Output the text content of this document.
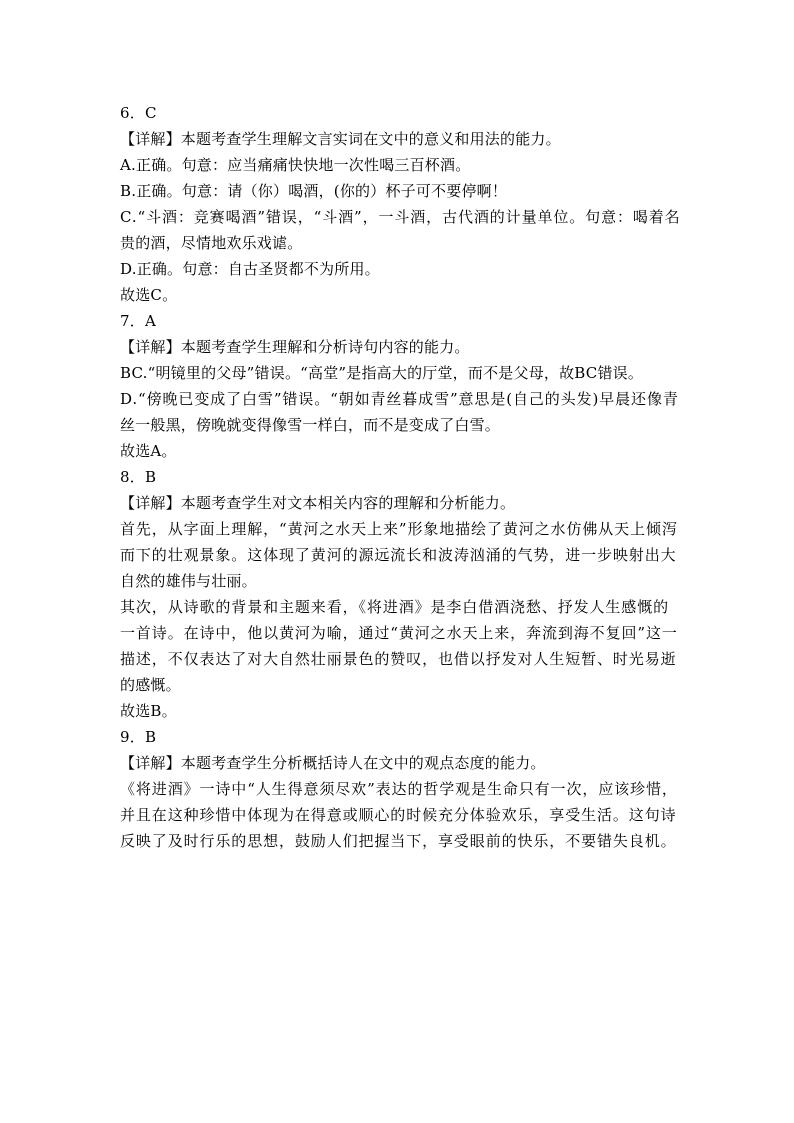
6．C
【详解】本题考查学生理解文言实词在文中的意义和用法的能力。
A.正确。句意：应当痛痛快快地一次性喝三百杯酒。
B.正确。句意：请（你）喝酒，(你的）杯子可不要停啊！
C.“斗酒：竞赛喝酒”错误，“斗酒”，一斗酒，古代酒的计量单位。句意：喝着名
贵的酒，尽情地欢乐戏谑。
D.正确。句意：自古圣贤都不为所用。
故选C。
7．A
【详解】本题考查学生理解和分析诗句内容的能力。
BC.“明镜里的父母”错误。“高堂”是指高大的厅堂，而不是父母，故BC错误。
D.“傍晚已变成了白雪”错误。“朝如青丝暮成雪”意思是(自己的头发)早晨还像青
丝一般黑，傍晚就变得像雪一样白，而不是变成了白雪。
故选A。
8．B
【详解】本题考查学生对文本相关内容的理解和分析能力。
首先，从字面上理解，“黄河之水天上来”形象地描绘了黄河之水仿佛从天上倾泻
而下的壮观景象。这体现了黄河的源远流长和波涛汹涌的气势，进一步映射出大
自然的雄伟与壮丽。
其次，从诗歌的背景和主题来看，《将进酒》是李白借酒浇愁、抒发人生感慨的
一首诗。在诗中，他以黄河为喻，通过“黄河之水天上来，奔流到海不复回”这一
描述，不仅表达了对大自然壮丽景色的赞叹，也借以抒发对人生短暂、时光易逝
的感慨。
故选B。
9．B
【详解】本题考查学生分析概括诗人在文中的观点态度的能力。
《将进酒》一诗中“人生得意须尽欢”表达的哲学观是生命只有一次，应该珍惜，
并且在这种珍惜中体现为在得意或顺心的时候充分体验欢乐，享受生活。这句诗
反映了及时行乐的思想，鼓励人们把握当下，享受眼前的快乐，不要错失良机。
